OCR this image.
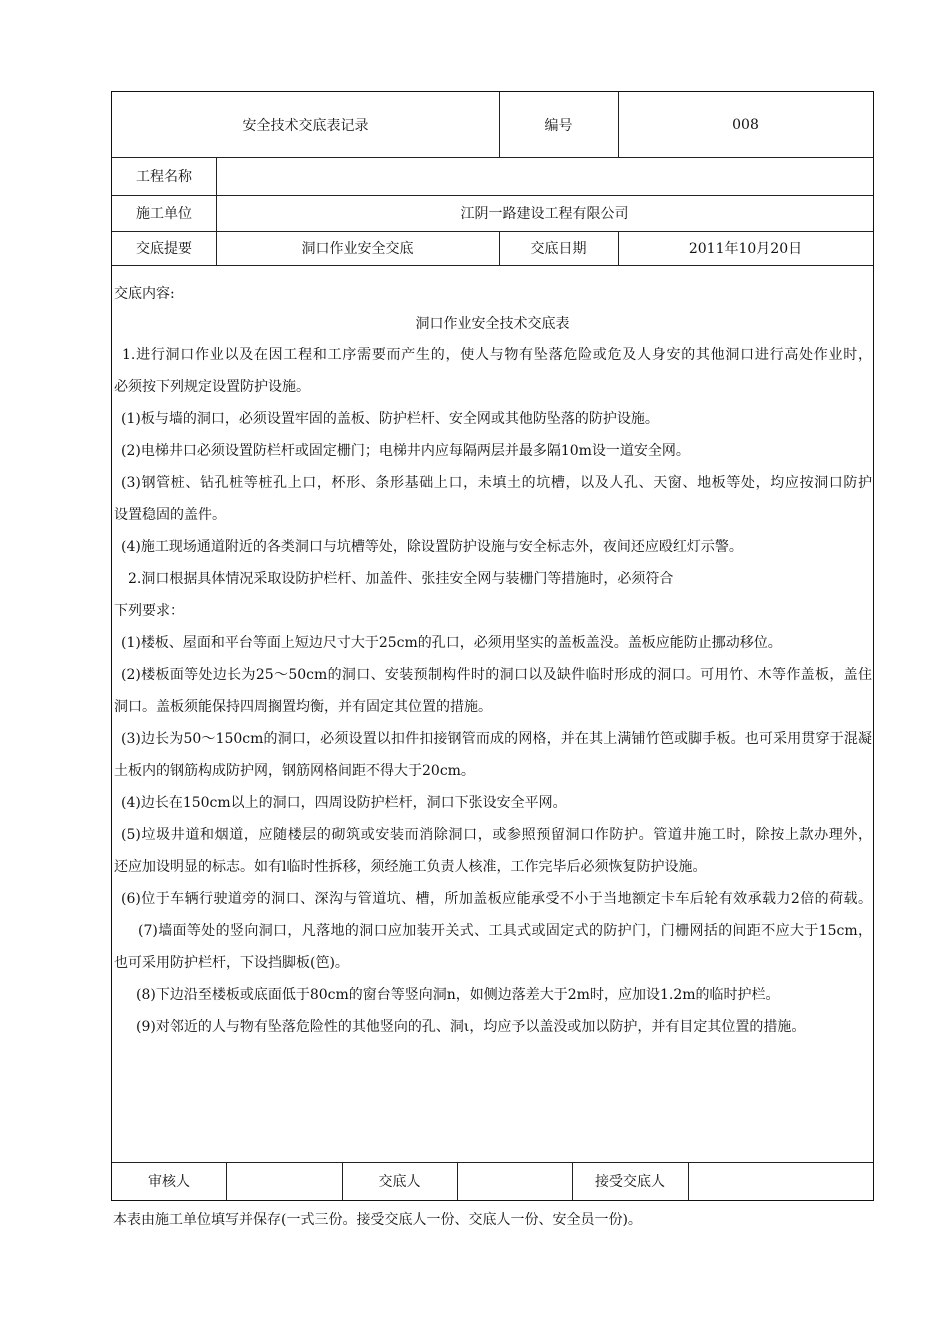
安全技术交底表记录	编号	008
工程名称
施工单位	江阴一路建设工程有限公司
交底提要	洞口作业安全交底	交底日期	2011年10月20日
交底内容:
洞口作业安全技术交底表
1.进行洞口作业以及在因工程和工序需要而产生的，使人与物有坠落危险或危及人身安的其他洞口进行高处作业时，
必须按下列规定设置防护设施。
(1)板与墙的洞口，必须设置牢固的盖板、防护栏杆、安全网或其他防坠落的防护设施。
(2)电梯井口必须设置防栏杆或固定栅门；电梯井内应每隔两层并最多隔10m设一道安全网。
(3)钢管桩、钻孔桩等桩孔上口，杯形、条形基础上口，未填土的坑槽，以及人孔、天窗、地板等处，均应按洞口防护
设置稳固的盖件。
(4)施工现场通道附近的各类洞口与坑槽等处，除设置防护设施与安全标志外，夜间还应殴红灯示警。
2.洞口根据具体情况采取设防护栏杆、加盖件、张挂安全网与装栅门等措施时，必须符合
下列要求：
(1)楼板、屋面和平台等面上短边尺寸大于25cm的孔口，必须用坚实的盖板盖没。盖板应能防止挪动移位。
(2)楼板面等处边长为25～50cm的洞口、安装预制构件时的洞口以及缺件临时形成的洞口。可用竹、木等作盖板，盖住
洞口。盖板须能保持四周搁置均衡，并有固定其位置的措施。
(3)边长为50～150cm的洞口，必须设置以扣件扣接钢管而成的网格，并在其上满铺竹笆或脚手板。也可采用贯穿于混凝
土板内的钢筋构成防护网，钢筋网格间距不得大于20cm。
(4)边长在150cm以上的洞口，四周设防护栏杆，洞口下张设安全平网。
(5)垃圾井道和烟道，应随楼层的砌筑或安装而消除洞口，或参照预留洞口作防护。管道井施工时，除按上款办理外，
还应加设明显的标志。如有l临时性拆移，须经施工负责人核准，工作完毕后必须恢复防护设施。
(6)位于车辆行驶道旁的洞口、深沟与管道坑、槽，所加盖板应能承受不小于当地额定卡车后轮有效承载力2倍的荷载。
(7)墙面等处的竖向洞口，凡落地的洞口应加装开关式、工具式或固定式的防护门，门栅网括的间距不应大于15cm，
也可采用防护栏杆，下设挡脚板(笆)。
(8)下边沿至楼板或底面低于80cm的窗台等竖向洞n，如侧边落差大于2m时，应加设1.2m的临时护栏。
(9)对邻近的人与物有坠落危险性的其他竖向的孔、洞ι，均应予以盖没或加以防护，并有目定其位置的措施。
审核人	交底人	接受交底人
本表由施工单位填写并保存(一式三份。接受交底人一份、交底人一份、安全员一份)。
